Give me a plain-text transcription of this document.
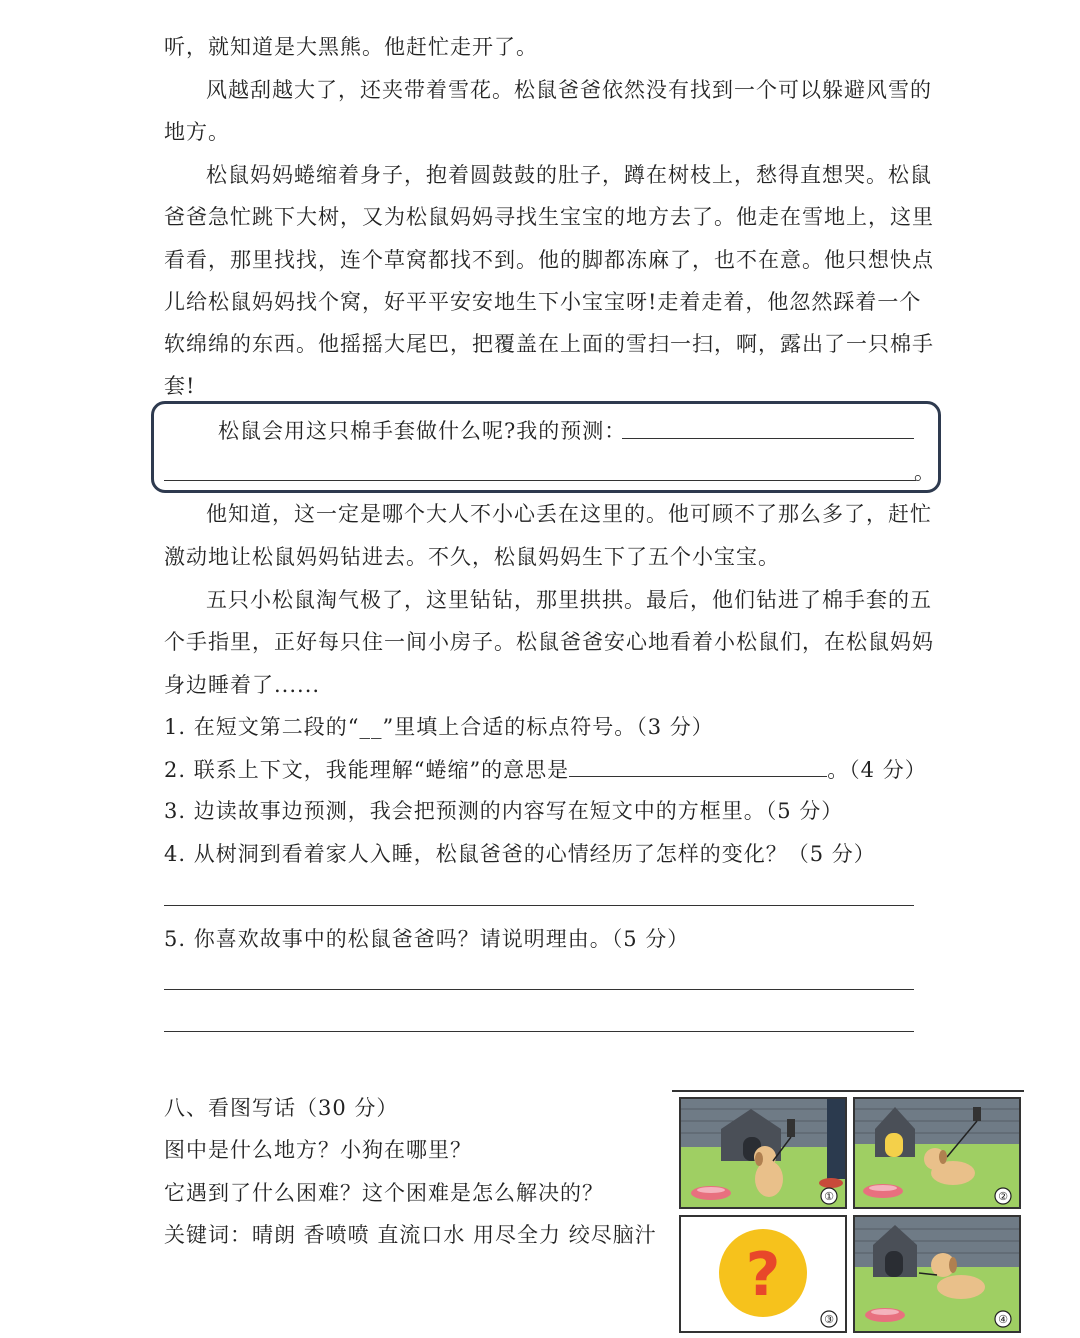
听，就知道是大黑熊。他赶忙走开了。
风越刮越大了，还夹带着雪花。松鼠爸爸依然没有找到一个可以躲避风雪的
地方。
松鼠妈妈蜷缩着身子，抱着圆鼓鼓的肚子，蹲在树枝上，愁得直想哭。松鼠
爸爸急忙跳下大树，又为松鼠妈妈寻找生宝宝的地方去了。他走在雪地上，这里
看看，那里找找，连个草窝都找不到。他的脚都冻麻了，也不在意。他只想快点
儿给松鼠妈妈找个窝，好平平安安地生下小宝宝呀!走着走着，他忽然踩着一个
软绵绵的东西。他摇摇大尾巴，把覆盖在上面的雪扫一扫，啊，露出了一只棉手
套!
松鼠会用这只棉手套做什么呢?我的预测：
。
他知道，这一定是哪个大人不小心丢在这里的。他可顾不了那么多了，赶忙
激动地让松鼠妈妈钻进去。不久，松鼠妈妈生下了五个小宝宝。
五只小松鼠淘气极了，这里钻钻，那里拱拱。最后，他们钻进了棉手套的五
个手指里，正好每只住一间小房子。松鼠爸爸安心地看着小松鼠们，在松鼠妈妈
身边睡着了......
1. 在短文第二段的“__”里填上合适的标点符号。（3 分）
2. 联系上下文，我能理解“蜷缩”的意思是	。（4 分）
3. 边读故事边预测，我会把预测的内容写在短文中的方框里。（5 分）
4. 从树洞到看着家人入睡，松鼠爸爸的心情经历了怎样的变化？（5 分）
5. 你喜欢故事中的松鼠爸爸吗？请说明理由。（5 分）
八、看图写话（30 分）
图中是什么地方？小狗在哪里？
它遇到了什么困难？这个困难是怎么解决的？
关键词：晴朗 香喷喷 直流口水 用尽全力 绞尽脑汁
①	②
?
③	④
